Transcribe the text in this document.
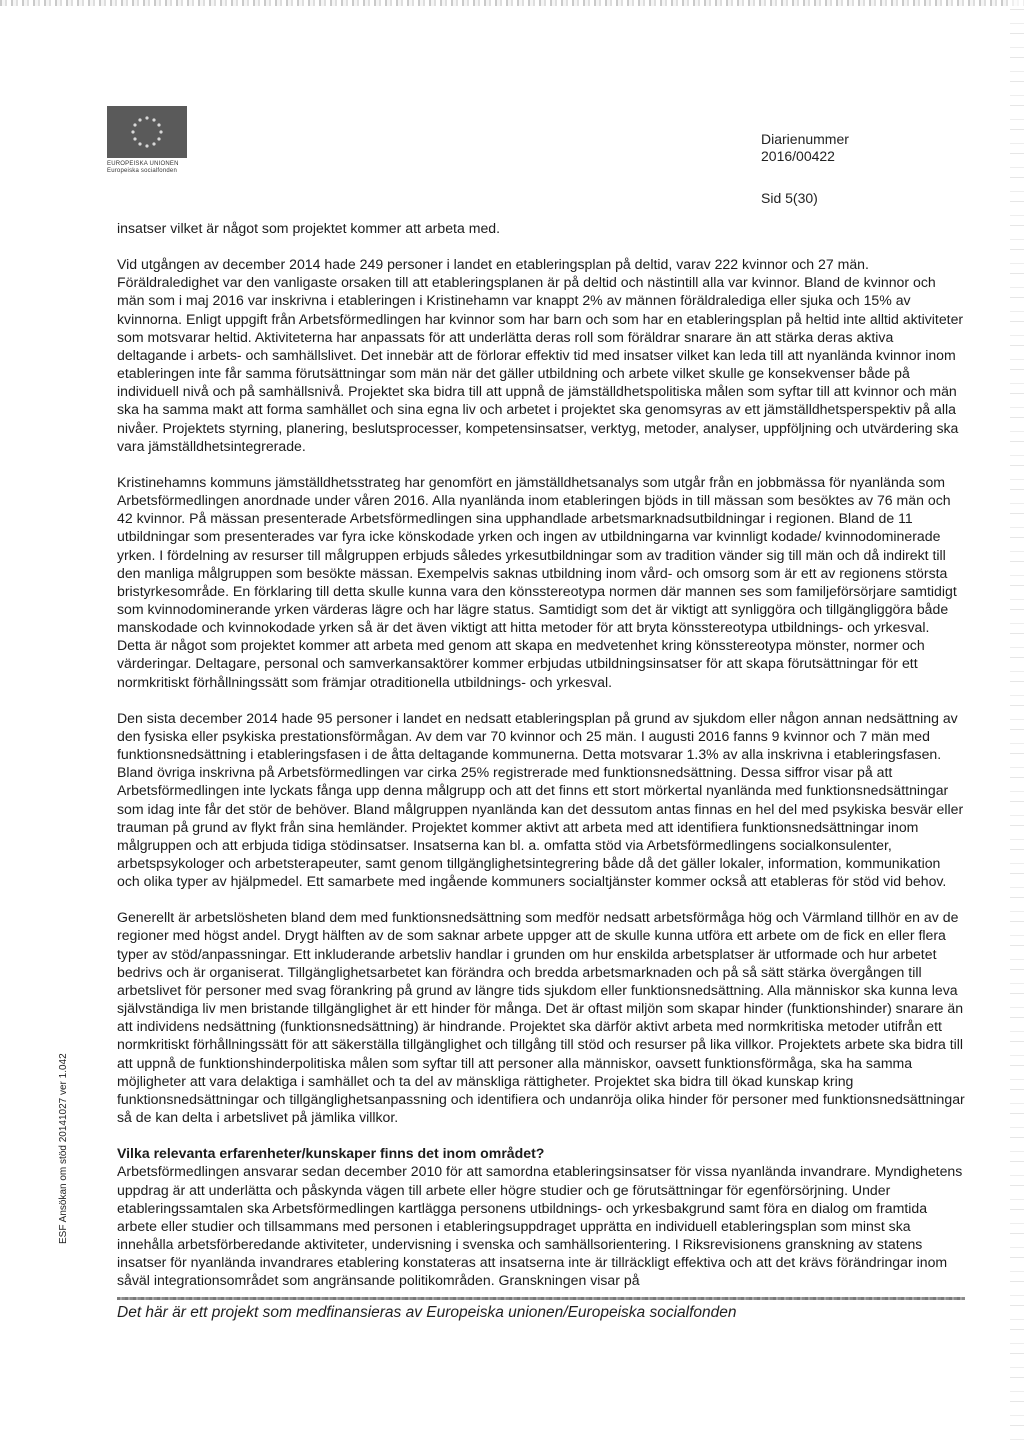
EUROPEISKA UNIONEN
Europeiska socialfonden
Diarienummer
2016/00422
Sid 5(30)
ESF Ansökan om stöd 20141027 ver 1.042

insatser vilket är något som projektet kommer att arbeta med.

Vid utgången av december 2014 hade 249 personer i landet en etableringsplan på deltid, varav 222 kvinnor och 27 män. Föräldraledighet var den vanligaste orsaken till att etableringsplanen är på deltid och nästintill alla var kvinnor. Bland de kvinnor och män som i maj 2016 var inskrivna i etableringen i Kristinehamn var knappt 2% av männen föräldralediga eller sjuka och 15% av kvinnorna. Enligt uppgift från Arbetsförmedlingen har kvinnor som har barn och som har en etableringsplan på heltid inte alltid aktiviteter som motsvarar heltid. Aktiviteterna har anpassats för att underlätta deras roll som föräldrar snarare än att stärka deras aktiva deltagande i arbets- och samhällslivet. Det innebär att de förlorar effektiv tid med insatser vilket kan leda till att nyanlända kvinnor inom etableringen inte får samma förutsättningar som män när det gäller utbildning och arbete vilket skulle ge konsekvenser både på individuell nivå och på samhällsnivå. Projektet ska bidra till att uppnå de jämställdhetspolitiska målen som syftar till att kvinnor och män ska ha samma makt att forma samhället och sina egna liv och arbetet i projektet ska genomsyras av ett jämställdhetsperspektiv på alla nivåer. Projektets styrning, planering, beslutsprocesser, kompetensinsatser, verktyg, metoder, analyser, uppföljning och utvärdering ska vara jämställdhetsintegrerade.

Kristinehamns kommuns jämställdhetsstrateg har genomfört en jämställdhetsanalys som utgår från en jobbmässa för nyanlända som Arbetsförmedlingen anordnade under våren 2016. Alla nyanlända inom etableringen bjöds in till mässan som besöktes av 76 män och 42 kvinnor. På mässan presenterade Arbetsförmedlingen sina upphandlade arbetsmarknadsutbildningar i regionen. Bland de 11 utbildningar som presenterades var fyra icke könskodade yrken och ingen av utbildningarna var kvinnligt kodade/ kvinnodominerade yrken. I fördelning av resurser till målgruppen erbjuds således yrkesutbildningar som av tradition vänder sig till män och då indirekt till den manliga målgruppen som besökte mässan. Exempelvis saknas utbildning inom vård- och omsorg som är ett av regionens största bristyrkesområde. En förklaring till detta skulle kunna vara den könsstereotypa normen där mannen ses som familjeförsörjare samtidigt som kvinnodominerande yrken värderas lägre och har lägre status. Samtidigt som det är viktigt att synliggöra och tillgängliggöra både manskodade och kvinnokodade yrken så är det även viktigt att hitta metoder för att bryta könsstereotypa utbildnings- och yrkesval. Detta är något som projektet kommer att arbeta med genom att skapa en medvetenhet kring könsstereotypa mönster, normer och värderingar. Deltagare, personal och samverkansaktörer kommer erbjudas utbildningsinsatser för att skapa förutsättningar för ett normkritiskt förhållningssätt som främjar otraditionella utbildnings- och yrkesval.

Den sista december 2014 hade 95 personer i landet en nedsatt etableringsplan på grund av sjukdom eller någon annan nedsättning av den fysiska eller psykiska prestationsförmågan. Av dem var 70 kvinnor och 25 män. I augusti 2016 fanns 9 kvinnor och 7 män med funktionsnedsättning i etableringsfasen i de åtta deltagande kommunerna. Detta motsvarar 1.3% av alla inskrivna i etableringsfasen. Bland övriga inskrivna på Arbetsförmedlingen var cirka 25% registrerade med funktionsnedsättning. Dessa siffror visar på att Arbetsförmedlingen inte lyckats fånga upp denna målgrupp och att det finns ett stort mörkertal nyanlända med funktionsnedsättningar som idag inte får det stör de behöver. Bland målgruppen nyanlända kan det dessutom antas finnas en hel del med psykiska besvär eller trauman på grund av flykt från sina hemländer. Projektet kommer aktivt att arbeta med att identifiera funktionsnedsättningar inom målgruppen och att erbjuda tidiga stödinsatser. Insatserna kan bl. a. omfatta stöd via Arbetsförmedlingens socialkonsulenter, arbetspsykologer och arbetsterapeuter, samt genom tillgänglighetsintegrering både då det gäller lokaler, information, kommunikation och olika typer av hjälpmedel. Ett samarbete med ingående kommuners socialtjänster kommer också att etableras för stöd vid behov.

Generellt är arbetslösheten bland dem med funktionsnedsättning som medför nedsatt arbetsförmåga hög och Värmland tillhör en av de regioner med högst andel. Drygt hälften av de som saknar arbete uppger att de skulle kunna utföra ett arbete om de fick en eller flera typer av stöd/anpassningar. Ett inkluderande arbetsliv handlar i grunden om hur enskilda arbetsplatser är utformade och hur arbetet bedrivs och är organiserat. Tillgänglighetsarbetet kan förändra och bredda arbetsmarknaden och på så sätt stärka övergången till arbetslivet för personer med svag förankring på grund av längre tids sjukdom eller funktionsnedsättning. Alla människor ska kunna leva självständiga liv men bristande tillgänglighet är ett hinder för många. Det är oftast miljön som skapar hinder (funktionshinder) snarare än att individens nedsättning (funktionsnedsättning) är hindrande. Projektet ska därför aktivt arbeta med normkritiska metoder utifrån ett normkritiskt förhållningssätt för att säkerställa tillgänglighet och tillgång till stöd och resurser på lika villkor. Projektets arbete ska bidra till att uppnå de funktionshinderpolitiska målen som syftar till att personer alla människor, oavsett funktionsförmåga, ska ha samma möjligheter att vara delaktiga i samhället och ta del av mänskliga rättigheter. Projektet ska bidra till ökad kunskap kring funktionsnedsättningar och tillgänglighetsanpassning och identifiera och undanröja olika hinder för personer med funktionsnedsättningar så de kan delta i arbetslivet på jämlika villkor.

Vilka relevanta erfarenheter/kunskaper finns det inom området?

Arbetsförmedlingen ansvarar sedan december 2010 för att samordna etableringsinsatser för vissa nyanlända invandrare. Myndighetens uppdrag är att underlätta och påskynda vägen till arbete eller högre studier och ge förutsättningar för egenförsörjning. Under etableringssamtalen ska Arbetsförmedlingen kartlägga personens utbildnings- och yrkesbakgrund samt föra en dialog om framtida arbete eller studier och tillsammans med personen i etableringsuppdraget upprätta en individuell etableringsplan som minst ska innehålla arbetsförberedande aktiviteter, undervisning i svenska och samhällsorientering. I Riksrevisionens granskning av statens insatser för nyanlända invandrares etablering konstateras att insatserna inte är tillräckligt effektiva och att det krävs förändringar inom såväl integrationsområdet som angränsande politikområden. Granskningen visar på

Det här är ett projekt som medfinansieras av Europeiska unionen/Europeiska socialfonden
